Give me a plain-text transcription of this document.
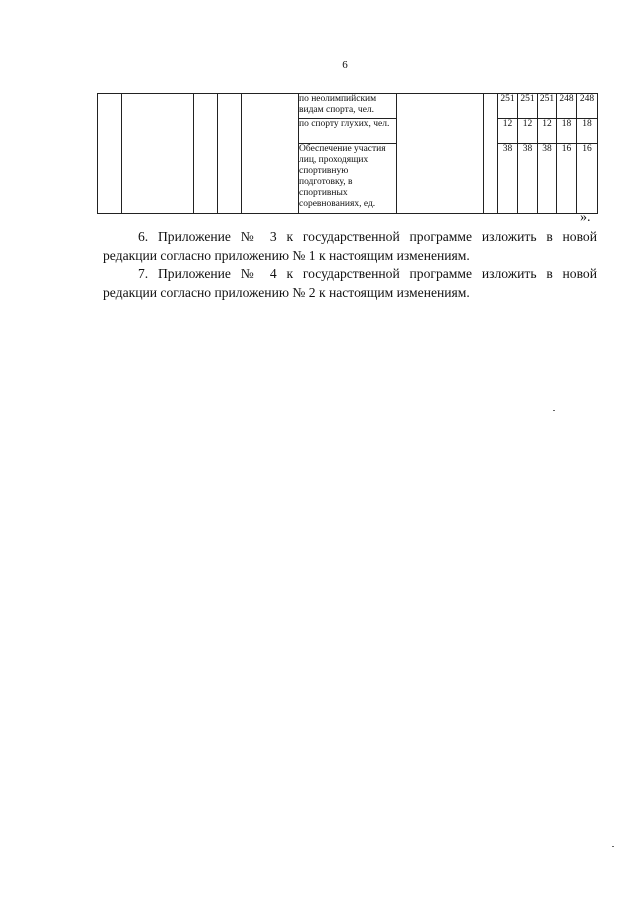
6
					по неолимпийским видам спорта, чел.			251	251	251	248	248
					по спорту глухих, чел.			12	12	12	18	18
					Обеспечение участия лиц, проходящих спортивную подготовку, в спортивных соревнованиях, ед.			38	38	38	16	16
».
6. Приложение № 3 к государственной программе изложить в новой
редакции согласно приложению № 1 к настоящим изменениям.
7. Приложение № 4 к государственной программе изложить в новой
редакции согласно приложению № 2 к настоящим изменениям.
